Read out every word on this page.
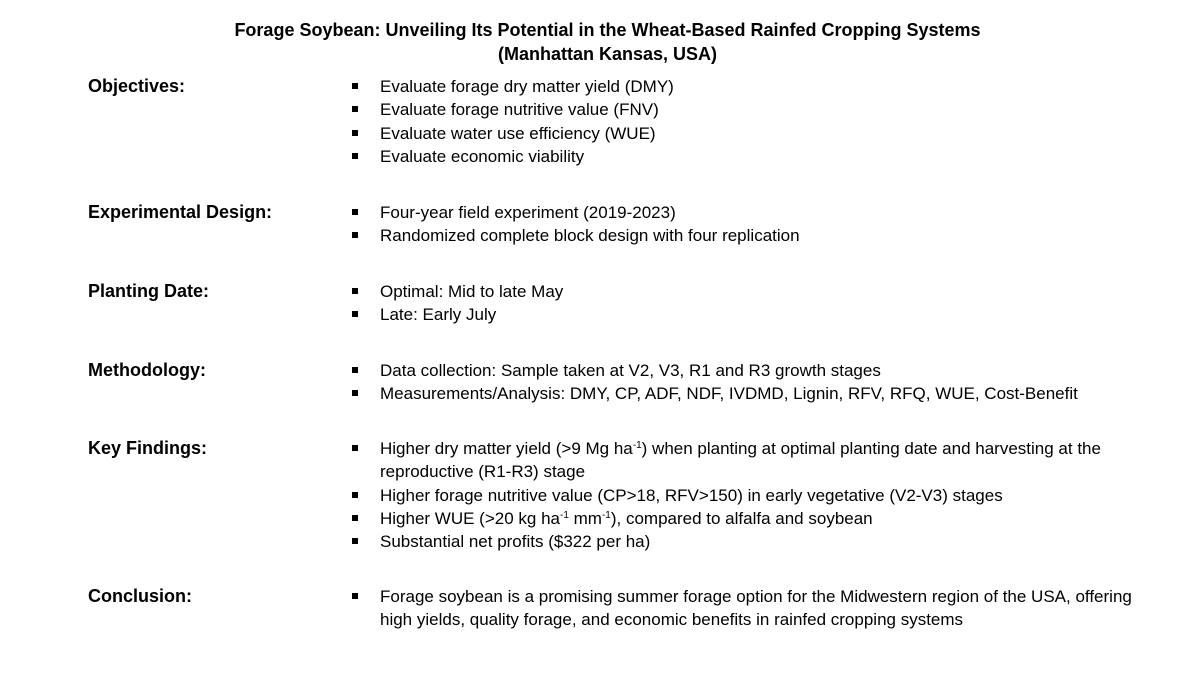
Forage Soybean: Unveiling Its Potential in the Wheat-Based Rainfed Cropping Systems
(Manhattan Kansas, USA)
Objectives:	Evaluate forage dry matter yield (DMY)
Evaluate forage nutritive value (FNV)
Evaluate water use efficiency (WUE)
Evaluate economic viability
Experimental Design:	Four-year field experiment (2019-2023)
Randomized complete block design with four replication
Planting Date:	Optimal: Mid to late May
Late: Early July
Methodology:	Data collection: Sample taken at V2, V3, R1 and R3 growth stages
Measurements/Analysis: DMY, CP, ADF, NDF, IVDMD, Lignin, RFV, RFQ, WUE, Cost-Benefit
Key Findings:	Higher dry matter yield (>9 Mg $ha^{-1}$) when planting at optimal planting date and harvesting at the reproductive (R1-R3) stage
Higher forage nutritive value (CP>18, RFV>150) in early vegetative (V2-V3) stages
Higher WUE (>20 kg $ha^{-1}$ $mm^{-1}$), compared to alfalfa and soybean
Substantial net profits ($322 per ha)
Conclusion:	Forage soybean is a promising summer forage option for the Midwestern region of the USA, offering high yields, quality forage, and economic benefits in rainfed cropping systems
